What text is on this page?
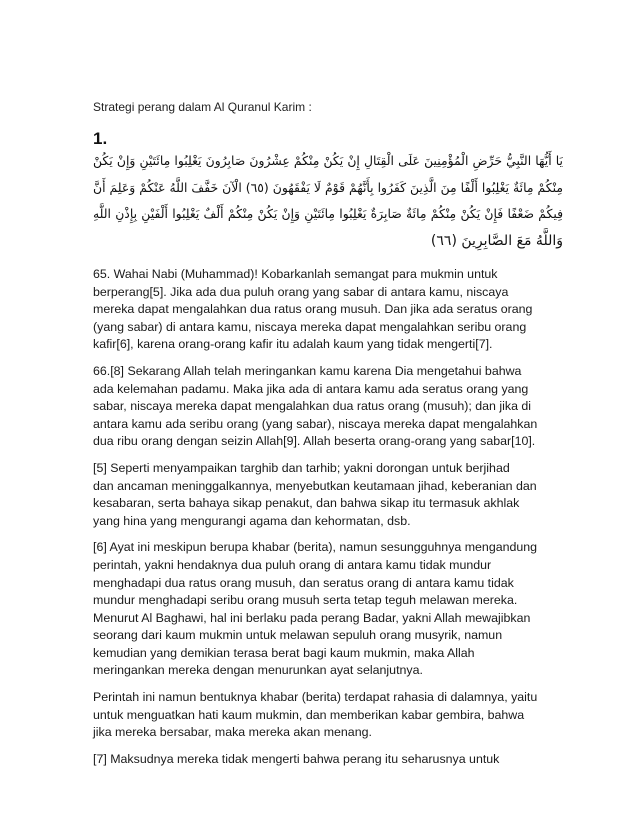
Strategi perang dalam Al Quranul Karim :
1.
يَا أَيُّهَا النَّبِيُّ حَرِّضِ الْمُؤْمِنِينَ عَلَى الْقِتَالِ إِنْ يَكُنْ مِنْكُمْ عِشْرُونَ صَابِرُونَ يَغْلِبُوا مِائَتَيْنِ وَإِنْ يَكُنْ
مِنْكُمْ مِائَةٌ يَغْلِبُوا أَلْفًا مِنَ الَّذِينَ كَفَرُوا بِأَنَّهُمْ قَوْمٌ لَا يَفْقَهُونَ (٦٥) الْآنَ خَفَّفَ اللَّهُ عَنْكُمْ وَعَلِمَ أَنَّ
فِيكُمْ ضَعْفًا فَإِنْ يَكُنْ مِنْكُمْ مِائَةٌ صَابِرَةٌ يَغْلِبُوا مِائَتَيْنِ وَإِنْ يَكُنْ مِنْكُمْ أَلْفٌ يَغْلِبُوا أَلْفَيْنِ بِإِذْنِ اللَّهِ
وَاللَّهُ مَعَ الصَّابِرِينَ (٦٦)

65. Wahai Nabi (Muhammad)! Kobarkanlah semangat para mukmin untuk
berperang[5]. Jika ada dua puluh orang yang sabar di antara kamu, niscaya
mereka dapat mengalahkan dua ratus orang musuh. Dan jika ada seratus orang
(yang sabar) di antara kamu, niscaya mereka dapat mengalahkan seribu orang
kafir[6], karena orang-orang kafir itu adalah kaum yang tidak mengerti[7].

66.[8] Sekarang Allah telah meringankan kamu karena Dia mengetahui bahwa
ada kelemahan padamu. Maka jika ada di antara kamu ada seratus orang yang
sabar, niscaya mereka dapat mengalahkan dua ratus orang (musuh); dan jika di
antara kamu ada seribu orang (yang sabar), niscaya mereka dapat mengalahkan
dua ribu orang dengan seizin Allah[9]. Allah beserta orang-orang yang sabar[10].

[5] Seperti menyampaikan targhib dan tarhib; yakni dorongan untuk berjihad
dan ancaman meninggalkannya, menyebutkan keutamaan jihad, keberanian dan
kesabaran, serta bahaya sikap penakut, dan bahwa sikap itu termasuk akhlak
yang hina yang mengurangi agama dan kehormatan, dsb.

[6] Ayat ini meskipun berupa khabar (berita), namun sesungguhnya mengandung
perintah, yakni hendaknya dua puluh orang di antara kamu tidak mundur
menghadapi dua ratus orang musuh, dan seratus orang di antara kamu tidak
mundur menghadapi seribu orang musuh serta tetap teguh melawan mereka.
Menurut Al Baghawi, hal ini berlaku pada perang Badar, yakni Allah mewajibkan
seorang dari kaum mukmin untuk melawan sepuluh orang musyrik, namun
kemudian yang demikian terasa berat bagi kaum mukmin, maka Allah
meringankan mereka dengan menurunkan ayat selanjutnya.

Perintah ini namun bentuknya khabar (berita) terdapat rahasia di dalamnya, yaitu
untuk menguatkan hati kaum mukmin, dan memberikan kabar gembira, bahwa
jika mereka bersabar, maka mereka akan menang.

[7] Maksudnya mereka tidak mengerti bahwa perang itu seharusnya untuk
